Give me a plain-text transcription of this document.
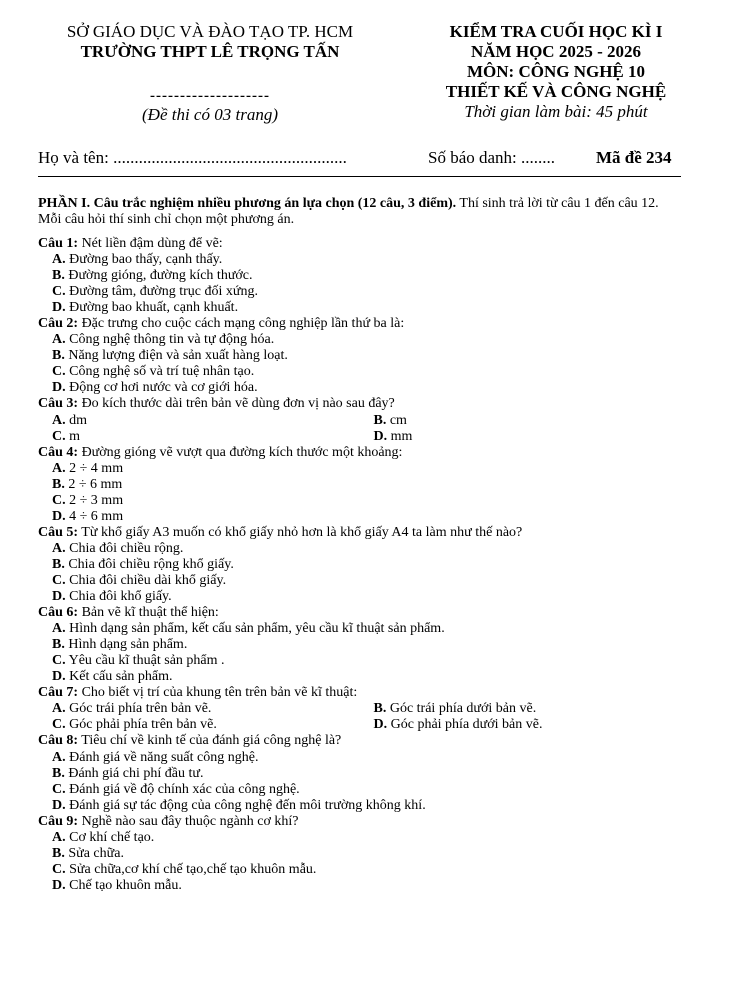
SỞ GIÁO DỤC VÀ ĐÀO TẠO TP. HCM
TRƯỜNG THPT LÊ TRỌNG TẤN
--------------------
(Đề thi có 03 trang)
KIỂM TRA CUỐI HỌC KÌ I
NĂM HỌC 2025 - 2026
MÔN: CÔNG NGHỆ 10
THIẾT KẾ VÀ CÔNG NGHỆ
Thời gian làm bài: 45 phút
Họ và tên: .......................................................	Số báo danh: ........ Mã đề 234
PHẦN I. Câu trắc nghiệm nhiều phương án lựa chọn (12 câu, 3 điểm). Thí sinh trả lời từ câu 1 đến câu 12. Mỗi câu hỏi thí sinh chỉ chọn một phương án.
Câu 1: Nét liền đậm dùng để vẽ:
A. Đường bao thấy, cạnh thấy.
B. Đường gióng, đường kích thước.
C. Đường tâm, đường trục đối xứng.
D. Đường bao khuất, cạnh khuất.
Câu 2: Đặc trưng cho cuộc cách mạng công nghiệp lần thứ ba là:
A. Công nghệ thông tin và tự động hóa.
B. Năng lượng điện và sản xuất hàng loạt.
C. Công nghệ số và trí tuệ nhân tạo.
D. Động cơ hơi nước và cơ giới hóa.
Câu 3: Đo kích thước dài trên bản vẽ dùng đơn vị nào sau đây?
A. dm	B. cm
C. m	D. mm
Câu 4: Đường gióng vẽ vượt qua đường kích thước một khoảng:
A. 2 ÷ 4 mm
B. 2 ÷ 6 mm
C. 2 ÷ 3 mm
D. 4 ÷ 6 mm
Câu 5: Từ khổ giấy A3 muốn có khổ giấy nhỏ hơn là khổ giấy A4 ta làm như thế nào?
A. Chia đôi chiều rộng.
B. Chia đôi chiều rộng khổ giấy.
C. Chia đôi chiều dài khổ giấy.
D. Chia đôi khổ giấy.
Câu 6: Bản vẽ kĩ thuật thể hiện:
A. Hình dạng sản phẩm, kết cấu sản phẩm, yêu cầu kĩ thuật sản phẩm.
B. Hình dạng sản phẩm.
C. Yêu cầu kĩ thuật sản phẩm .
D. Kết cấu sản phẩm.
Câu 7: Cho biết vị trí của khung tên trên bản vẽ kĩ thuật:
A. Góc trái phía trên bản vẽ.	B. Góc trái phía dưới bản vẽ.
C. Góc phải phía trên bản vẽ.	D. Góc phải phía dưới bản vẽ.
Câu 8: Tiêu chí về kinh tế của đánh giá công nghệ là?
A. Đánh giá về năng suất công nghệ.
B. Đánh giá chi phí đầu tư.
C. Đánh giá về độ chính xác của công nghệ.
D. Đánh giá sự tác động của công nghệ đến môi trường không khí.
Câu 9: Nghề nào sau đây thuộc ngành cơ khí?
A. Cơ khí chế tạo.
B. Sửa chữa.
C. Sửa chữa,cơ khí chế tạo,chế tạo khuôn mẫu.
D. Chế tạo khuôn mẫu.
